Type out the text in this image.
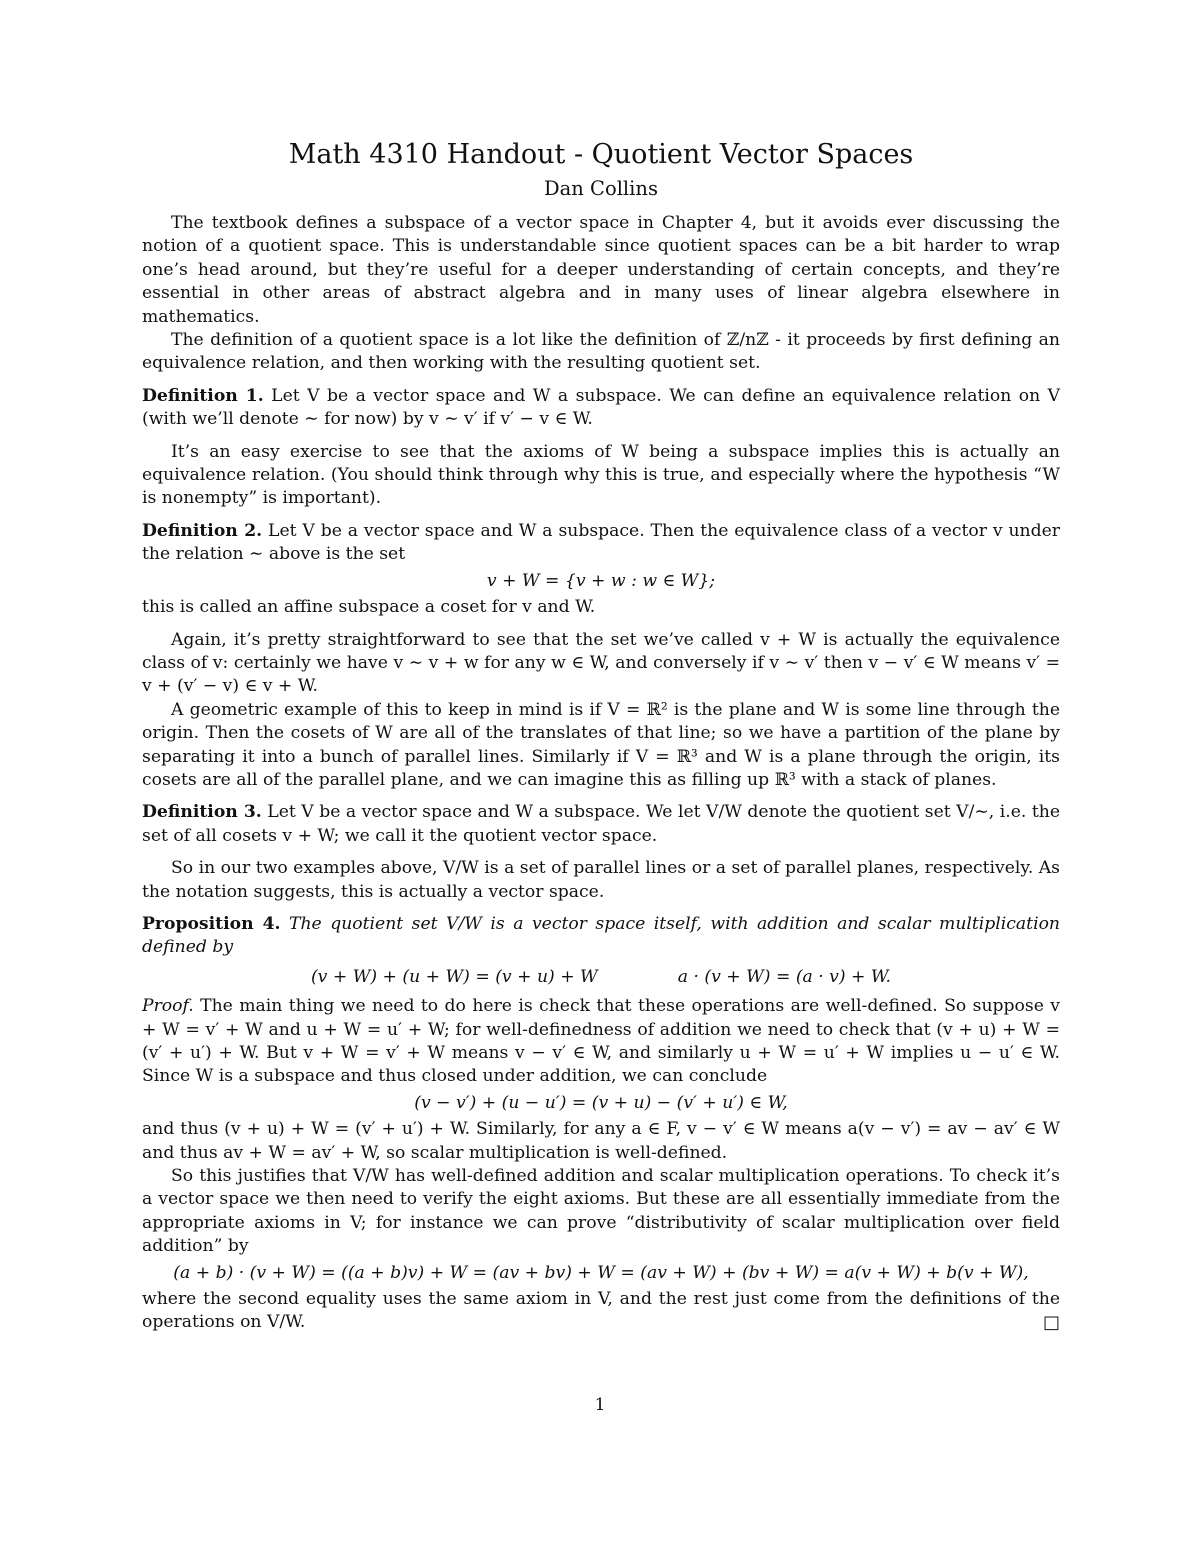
Math 4310 Handout - Quotient Vector Spaces
Dan Collins

The textbook defines a subspace of a vector space in Chapter 4, but it avoids ever discussing the notion of a quotient space. This is understandable since quotient spaces can be a bit harder to wrap one’s head around, but they’re useful for a deeper understanding of certain concepts, and they’re essential in other areas of abstract algebra and in many uses of linear algebra elsewhere in mathematics.

The definition of a quotient space is a lot like the definition of ℤ/nℤ - it proceeds by first defining an equivalence relation, and then working with the resulting quotient set.

Definition 1. Let V be a vector space and W a subspace. We can define an equivalence relation on V (with we’ll denote ∼ for now) by v ∼ v′ if v′ − v ∈ W.

It’s an easy exercise to see that the axioms of W being a subspace implies this is actually an equivalence relation. (You should think through why this is true, and especially where the hypothesis “W is nonempty” is important).

Definition 2. Let V be a vector space and W a subspace. Then the equivalence class of a vector v under the relation ∼ above is the set

v + W = {v + w : w ∈ W};

this is called an affine subspace a coset for v and W.

Again, it’s pretty straightforward to see that the set we’ve called v + W is actually the equivalence class of v: certainly we have v ∼ v + w for any w ∈ W, and conversely if v ∼ v′ then v − v′ ∈ W means v′ = v + (v′ − v) ∈ v + W.

A geometric example of this to keep in mind is if V = ℝ² is the plane and W is some line through the origin. Then the cosets of W are all of the translates of that line; so we have a partition of the plane by separating it into a bunch of parallel lines. Similarly if V = ℝ³ and W is a plane through the origin, its cosets are all of the parallel plane, and we can imagine this as filling up ℝ³ with a stack of planes.

Definition 3. Let V be a vector space and W a subspace. We let V/W denote the quotient set V/∼, i.e. the set of all cosets v + W; we call it the quotient vector space.

So in our two examples above, V/W is a set of parallel lines or a set of parallel planes, respectively. As the notation suggests, this is actually a vector space.

Proposition 4. The quotient set V/W is a vector space itself, with addition and scalar multiplication defined by

(v + W) + (u + W) = (v + u) + W	a · (v + W) = (a · v) + W.

Proof. The main thing we need to do here is check that these operations are well-defined. So suppose v + W = v′ + W and u + W = u′ + W; for well-definedness of addition we need to check that (v + u) + W = (v′ + u′) + W. But v + W = v′ + W means v − v′ ∈ W, and similarly u + W = u′ + W implies u − u′ ∈ W. Since W is a subspace and thus closed under addition, we can conclude

(v − v′) + (u − u′) = (v + u) − (v′ + u′) ∈ W,

and thus (v + u) + W = (v′ + u′) + W. Similarly, for any a ∈ F, v − v′ ∈ W means a(v − v′) = av − av′ ∈ W and thus av + W = av′ + W, so scalar multiplication is well-defined.

So this justifies that V/W has well-defined addition and scalar multiplication operations. To check it’s a vector space we then need to verify the eight axioms. But these are all essentially immediate from the appropriate axioms in V; for instance we can prove “distributivity of scalar multiplication over field addition” by

(a + b) · (v + W) = ((a + b)v) + W = (av + bv) + W = (av + W) + (bv + W) = a(v + W) + b(v + W),

where the second equality uses the same axiom in V, and the rest just come from the definitions of the operations on V/W.	□

1
